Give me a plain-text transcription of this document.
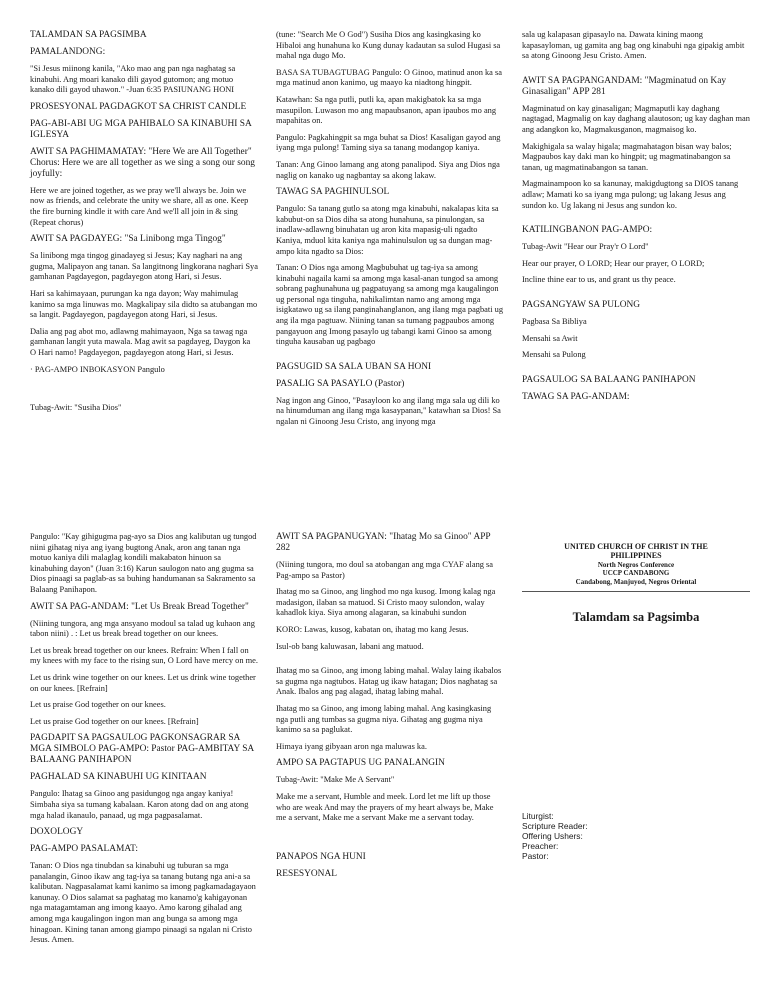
TALAMDAN SA PAGSIMBA

PAMALANDONG:

"Si Jesus miinong kanila, "Ako mao ang pan nga naghatag sa kinabuhi. Ang moari kanako dili gayod gutomon; ang motuo kanako dili gayod uhawon." -Juan 6:35 PASIUNANG HONI

PROSESYONAL PAGDAGKOT SA CHRIST CANDLE

PAG-ABI-ABI UG MGA PAHIBALO SA KINABUHI SA IGLESYA

AWIT SA PAGHIMAMATAY: "Here We are All Together" Chorus: Here we are all together as we sing a song our song joyfully:

Here we are joined together, as we pray we'll always be. Join we now as friends, and celebrate the unity we share, all as one. Keep the fire burning kindle it with care And we'll all join in & sing (Repeat chorus)

AWIT SA PAGDAYEG: "Sa Linibong mga Tingog"

Sa linibong mga tingog ginadayeg si Jesus; Kay naghari na ang gugma, Malipayon ang tanan. Sa langitnong lingkorana naghari Sya gamhanan Pagdayegon, pagdayegon atong Hari, si Jesus.

Hari sa kahimayaan, purungan ka nga dayon; Way mahimulag kanimo sa mga linuwas mo. Magkalipay sila didto sa atubangan mo sa langit. Pagdayegon, pagdayegon atong Hari, si Jesus.

Dalia ang pag abot mo, adlawng mahimayaon, Nga sa tawag nga gamhanan langit yuta mawala. Mag awit sa pagdayeg, Daygon ka O Hari namo! Pagdayegon, pagdayegon atong Hari, si Jesus.

· PAG-AMPO INBOKASYON Pangulo

Tubag-Awit: "Susiha Dios"

(tune: "Search Me O God") Susiha Dios ang kasingkasing ko Hibaloi ang hunahuna ko Kung dunay kadautan sa sulod Hugasi sa mahal nga dugo Mo.

BASA SA TUBAGTUBAG Pangulo: O Ginoo, matinud anon ka sa mga matinud anon kanimo, ug maayo ka niadtong hingpit.

Katawhan: Sa nga putli, putli ka, apan makigbatok ka sa mga masupilon. Luwason mo ang mapaubsanon, apan ipaubos mo ang mapahitas on.

Pangulo: Pagkahingpit sa mga buhat sa Dios! Kasaligan gayod ang iyang mga pulong! Taming siya sa tanang modangop kaniya.

Tanan: Ang Ginoo lamang ang atong panalipod. Siya ang Dios nga naglig on kanako ug nagbantay sa akong lakaw.

TAWAG SA PAGHINULSOL

Pangulo: Sa tanang gutlo sa atong mga kinabuhi, nakalapas kita sa kabubut-on sa Dios diha sa atong hunahuna, sa pinulongan, sa inadlaw-adlawng binuhatan ug aron kita mapasig-uli ngadto Kaniya, mduol kita kaniya nga mahinulsulon ug sa dungan mag-ampo kita ngadto sa Dios:

Tanan: O Dios nga among Magbubuhat ug tag-iya sa among kinabuhi nagaila kami sa among mga kasal-anan tungod sa among sobrang paghunahuna ug pagpatuyang sa among mga kaugalingon ug personal nga tinguha, nahikalimtan namo ang among mga isigkatawo ug sa ilang panginahanglanon, ang ilang mga pagbati ug ang ila mga pagtuaw. Niining tanan sa tumang pagpaubos among pangayuon ang Imong pasaylo ug tabangi kami Ginoo sa among tinguha kausaban ug pagbago

PAGSUGID SA SALA UBAN SA HONI

PASALIG SA PASAYLO (Pastor)

Nag ingon ang Ginoo, "Pasayloon ko ang ilang mga sala ug dili ko na hinumduman ang ilang mga kasaypanan," katawhan sa Dios! Sa ngalan ni Ginoong Jesu Cristo, ang inyong mga

sala ug kalapasan gipasaylo na. Dawata kining maong kapasayloman, ug gamita ang bag ong kinabuhi nga gipakig ambit sa atong Ginoong Jesu Cristo. Amen.

AWIT SA PAGPANGANDAM: "Magminatud on Kay Ginasaligan" APP 281

Magminatud on kay ginasaligan; Magmaputli kay daghang nagtagad, Magmalig on kay daghang alautoson; ug kay daghan man ang adangkon ko, Magmakusganon, magmaisog ko.

Makighigala sa walay higala; magmahatagon bisan way balos; Magpaubos kay daki man ko hingpit; ug magmatinabangon sa tanan, ug magmatinabangon sa tanan.

Magmainampoon ko sa kanunay, makigdugtong sa DIOS tanang adlaw; Mamati ko sa iyang mga pulong; ug lakang Jesus ang sundon ko. Ug lakang ni Jesus ang sundon ko.

KATILINGBANON PAG-AMPO:

Tubag-Awit "Hear our Pray'r O Lord"

Hear our prayer, O LORD; Hear our prayer, O LORD;

Incline thine ear to us, and grant us thy peace.

PAGSANGYAW SA PULONG

Pagbasa Sa Bibliya

Mensahi sa Awit

Mensahi sa Pulong

PAGSAULOG SA BALAANG PANIHAPON

TAWAG SA PAG-ANDAM:

Pangulo: "Kay gihigugma pag-ayo sa Dios ang kalibutan ug tungod niini gihatag niya ang iyang bugtong Anak, aron ang tanan nga motuo kaniya dili malaglag kondili makabaton hinuon sa kinabuhing dayon" (Juan 3:16) Karun saulogon nato ang gugma sa Dios pinaagi sa paglab-as sa buhing handumanan sa Sakramento sa Balaang Panihapon.

AWIT SA PAG-ANDAM: "Let Us Break Bread Together"

(Niining tungora, ang mga ansyano modoul sa talad ug kuhaon ang tabon niini) . : Let us break bread together on our knees.

Let us break bread together on our knees. Refrain: When I fall on my knees with my face to the rising sun, O Lord have mercy on me.

Let us drink wine together on our knees. Let us drink wine together on our knees. [Refrain]

Let us praise God together on our knees.

Let us praise God together on our knees. [Refrain]

PAGDAPIT SA PAGSAULOG PAGKONSAGRAR SA MGA SIMBOLO PAG-AMPO: Pastor PAG-AMBITAY SA BALAANG PANIHAPON

PAGHALAD SA KINABUHI UG KINITAAN

Pangulo: Ihatag sa Ginoo ang pasidungog nga angay kaniya! Simbaha siya sa tumang kabalaan. Karon atong dad on ang atong mga halad ikanaulo, panaad, ug mga pagpasalamat.

DOXOLOGY

PAG-AMPO PASALAMAT:

Tanan: O Dios nga tinubdan sa kinabuhi ug tuburan sa mga panalangin, Ginoo ikaw ang tag-iya sa tanang butang nga ani-a sa kalibutan. Nagpasalamat kami kanimo sa imong pagkamadagayaon kanunay. O Dios salamat sa paghatag mo kanamo'g kahigayonan nga matagamtaman ang imong kaayo. Amo karong gihalad ang among mga kaugalingon ingon man ang bunga sa among mga hinagoan. Kining tanan among giampo pinaagi sa ngalan ni Cristo Jesus. Amen.

AWIT SA PAGPANUGYAN: "Ihatag Mo sa Ginoo" APP 282

(Niining tungora, mo doul sa atobangan ang mga CYAF alang sa Pag-ampo sa Pastor)

Ihatag mo sa Ginoo, ang linghod mo nga kusog. Imong kalag nga madasigon, ilaban sa matuod. Si Cristo maoy sulondon, walay kahadlok kiya. Siya among alagaran, sa kinabuhi sundon

KORO: Lawas, kusog, kabatan on, ihatag mo kang Jesus.

Isul-ob bang kaluwasan, labani ang matuod.

Ihatag mo sa Ginoo, ang imong labing mahal. Walay laing ikabalos sa gugma nga nagtubos. Hatag ug ikaw hatagan; Dios naghatag sa Anak. Ibalos ang pag alagad, ihatag labing mahal.

Ihatag mo sa Ginoo, ang imong labing mahal. Ang kasingkasing nga putli ang tumbas sa gugma niya. Gihatag ang gugma niya kanimo sa sa paglukat.

Himaya iyang gibyaan aron nga maluwas ka.

AMPO SA PAGTAPUS UG PANALANGIN

Tubag-Awit: "Make Me A Servant"

Make me a servant, Humble and meek. Lord let me lift up those who are weak And may the prayers of my heart always be, Make me a servant, Make me a servant Make me a servant today.

PANAPOS NGA HUNI

RESESYONAL

UNITED CHURCH OF CHRIST IN THE
PHILIPPINES
North Negros Conference
UCCP CANDABONG
Candabong, Manjuyod, Negros Oriental
Talamdam sa Pagsimba
Liturgist:
Scripture Reader:
Offering Ushers:
Preacher:
Pastor:
